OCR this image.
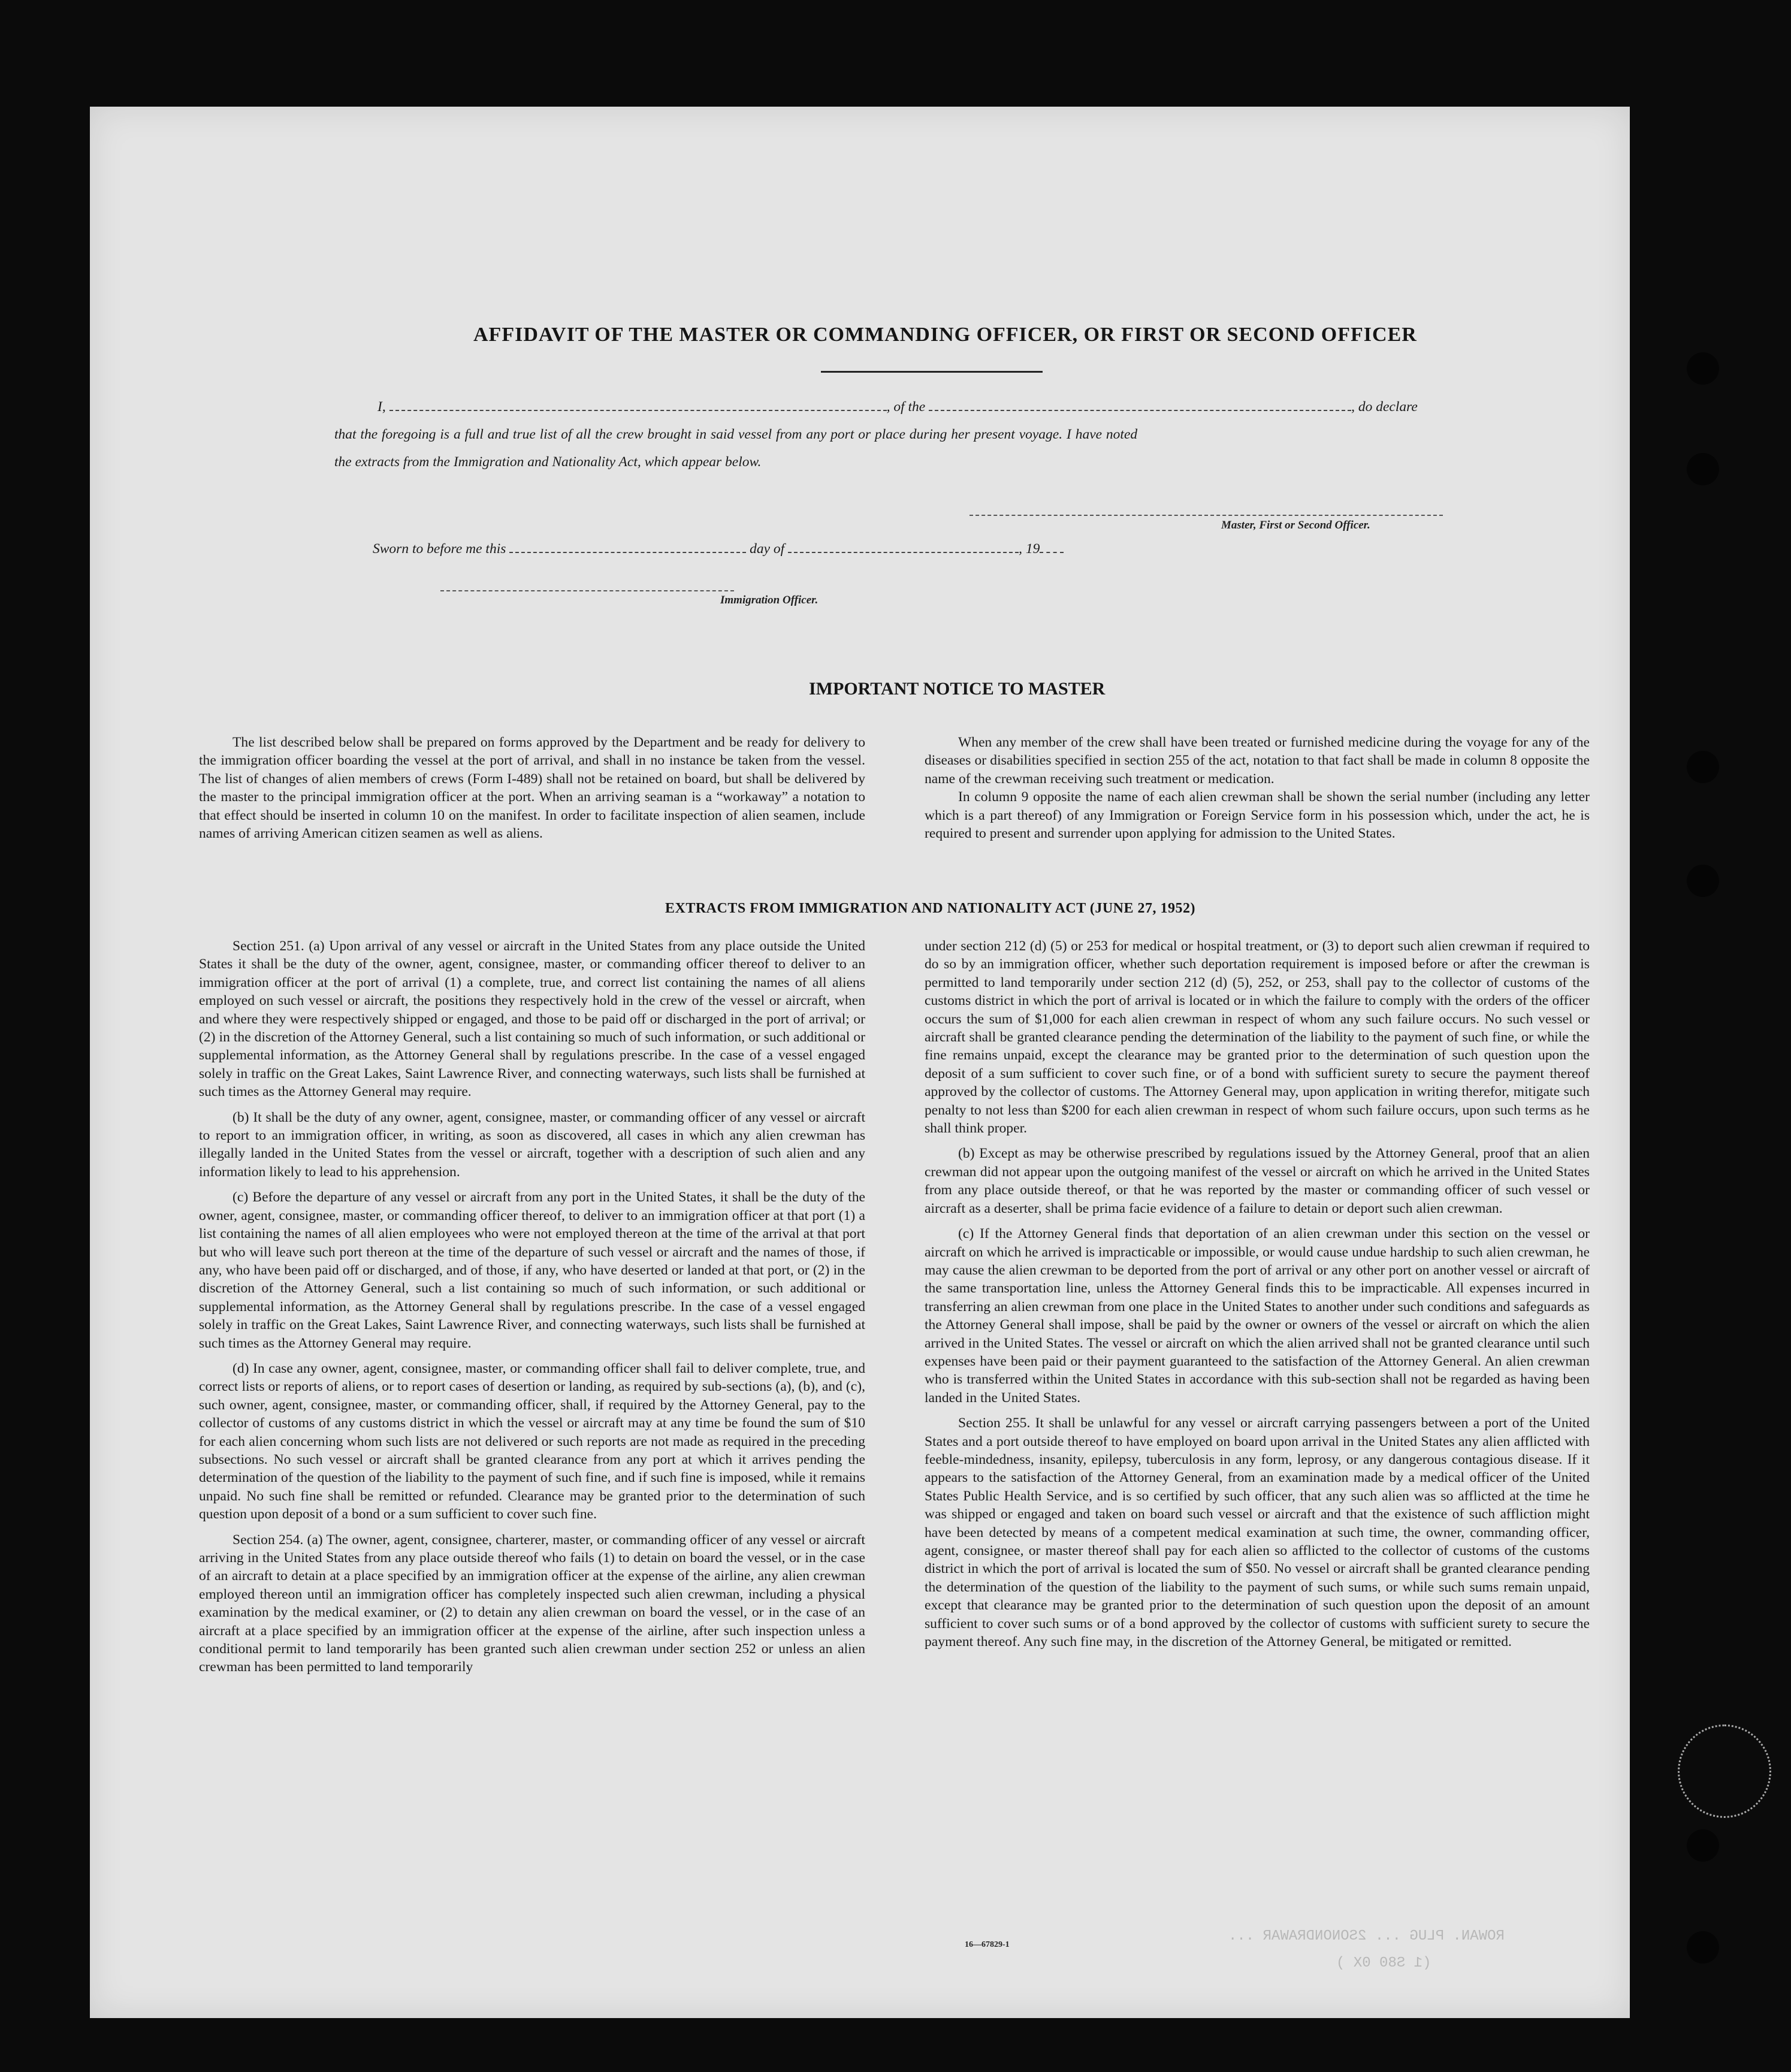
AFFIDAVIT OF THE MASTER OR COMMANDING OFFICER, OR FIRST OR SECOND OFFICER
I,	, of the	, do declare
that the foregoing is a full and true list of all the crew brought in said vessel from any port or place during her present voyage. I have noted
the extracts from the Immigration and Nationality Act, which appear below.
Master, First or Second Officer.
Sworn to before me this	day of	, 19
Immigration Officer.
IMPORTANT NOTICE TO MASTER

The list described below shall be prepared on forms approved by the Department and be ready for delivery to the immigration officer boarding the vessel at the port of arrival, and shall in no instance be taken from the vessel. The list of changes of alien members of crews (Form I-489) shall not be retained on board, but shall be delivered by the master to the principal immigration officer at the port. When an arriving seaman is a “workaway” a notation to that effect should be inserted in column 10 on the manifest. In order to facilitate inspection of alien seamen, include names of arriving American citizen seamen as well as aliens.

When any member of the crew shall have been treated or furnished medicine during the voyage for any of the diseases or disabilities specified in section 255 of the act, notation to that fact shall be made in column 8 opposite the name of the crewman receiving such treatment or medication.

In column 9 opposite the name of each alien crewman shall be shown the serial number (including any letter which is a part thereof) of any Immigration or Foreign Service form in his possession which, under the act, he is required to present and surrender upon applying for admission to the United States.

EXTRACTS FROM IMMIGRATION AND NATIONALITY ACT (JUNE 27, 1952)

Section 251. (a) Upon arrival of any vessel or aircraft in the United States from any place outside the United States it shall be the duty of the owner, agent, consignee, master, or commanding officer thereof to deliver to an immigration officer at the port of arrival (1) a complete, true, and correct list containing the names of all aliens employed on such vessel or aircraft, the positions they respectively hold in the crew of the vessel or aircraft, when and where they were respectively shipped or engaged, and those to be paid off or discharged in the port of arrival; or (2) in the discretion of the Attorney General, such a list containing so much of such information, or such additional or supplemental information, as the Attorney General shall by regulations prescribe. In the case of a vessel engaged solely in traffic on the Great Lakes, Saint Lawrence River, and connecting waterways, such lists shall be furnished at such times as the Attorney General may require.

(b) It shall be the duty of any owner, agent, consignee, master, or commanding officer of any vessel or aircraft to report to an immigration officer, in writing, as soon as discovered, all cases in which any alien crewman has illegally landed in the United States from the vessel or aircraft, together with a description of such alien and any information likely to lead to his apprehension.

(c) Before the departure of any vessel or aircraft from any port in the United States, it shall be the duty of the owner, agent, consignee, master, or commanding officer thereof, to deliver to an immigration officer at that port (1) a list containing the names of all alien employees who were not employed thereon at the time of the arrival at that port but who will leave such port thereon at the time of the departure of such vessel or aircraft and the names of those, if any, who have been paid off or discharged, and of those, if any, who have deserted or landed at that port, or (2) in the discretion of the Attorney General, such a list containing so much of such information, or such additional or supplemental information, as the Attorney General shall by regulations prescribe. In the case of a vessel engaged solely in traffic on the Great Lakes, Saint Lawrence River, and connecting waterways, such lists shall be furnished at such times as the Attorney General may require.

(d) In case any owner, agent, consignee, master, or commanding officer shall fail to deliver complete, true, and correct lists or reports of aliens, or to report cases of desertion or landing, as required by sub-sections (a), (b), and (c), such owner, agent, consignee, master, or commanding officer, shall, if required by the Attorney General, pay to the collector of customs of any customs district in which the vessel or aircraft may at any time be found the sum of $10 for each alien concerning whom such lists are not delivered or such reports are not made as required in the preceding subsections. No such vessel or aircraft shall be granted clearance from any port at which it arrives pending the determination of the question of the liability to the payment of such fine, and if such fine is imposed, while it remains unpaid. No such fine shall be remitted or refunded. Clearance may be granted prior to the determination of such question upon deposit of a bond or a sum sufficient to cover such fine.

Section 254. (a) The owner, agent, consignee, charterer, master, or commanding officer of any vessel or aircraft arriving in the United States from any place outside thereof who fails (1) to detain on board the vessel, or in the case of an aircraft to detain at a place specified by an immigration officer at the expense of the airline, any alien crewman employed thereon until an immigration officer has completely inspected such alien crewman, including a physical examination by the medical examiner, or (2) to detain any alien crewman on board the vessel, or in the case of an aircraft at a place specified by an immigration officer at the expense of the airline, after such inspection unless a conditional permit to land temporarily has been granted such alien crewman under section 252 or unless an alien crewman has been permitted to land temporarily

under section 212 (d) (5) or 253 for medical or hospital treatment, or (3) to deport such alien crewman if required to do so by an immigration officer, whether such deportation requirement is imposed before or after the crewman is permitted to land temporarily under section 212 (d) (5), 252, or 253, shall pay to the collector of customs of the customs district in which the port of arrival is located or in which the failure to comply with the orders of the officer occurs the sum of $1,000 for each alien crewman in respect of whom any such failure occurs. No such vessel or aircraft shall be granted clearance pending the determination of the liability to the payment of such fine, or while the fine remains unpaid, except the clearance may be granted prior to the determination of such question upon the deposit of a sum sufficient to cover such fine, or of a bond with sufficient surety to secure the payment thereof approved by the collector of customs. The Attorney General may, upon application in writing therefor, mitigate such penalty to not less than $200 for each alien crewman in respect of whom such failure occurs, upon such terms as he shall think proper.

(b) Except as may be otherwise prescribed by regulations issued by the Attorney General, proof that an alien crewman did not appear upon the outgoing manifest of the vessel or aircraft on which he arrived in the United States from any place outside thereof, or that he was reported by the master or commanding officer of such vessel or aircraft as a deserter, shall be prima facie evidence of a failure to detain or deport such alien crewman.

(c) If the Attorney General finds that deportation of an alien crewman under this section on the vessel or aircraft on which he arrived is impracticable or impossible, or would cause undue hardship to such alien crewman, he may cause the alien crewman to be deported from the port of arrival or any other port on another vessel or aircraft of the same transportation line, unless the Attorney General finds this to be impracticable. All expenses incurred in transferring an alien crewman from one place in the United States to another under such conditions and safeguards as the Attorney General shall impose, shall be paid by the owner or owners of the vessel or aircraft on which the alien arrived in the United States. The vessel or aircraft on which the alien arrived shall not be granted clearance until such expenses have been paid or their payment guaranteed to the satisfaction of the Attorney General. An alien crewman who is transferred within the United States in accordance with this sub-section shall not be regarded as having been landed in the United States.

Section 255. It shall be unlawful for any vessel or aircraft carrying passengers between a port of the United States and a port outside thereof to have employed on board upon arrival in the United States any alien afflicted with feeble-mindedness, insanity, epilepsy, tuberculosis in any form, leprosy, or any dangerous contagious disease. If it appears to the satisfaction of the Attorney General, from an examination made by a medical officer of the United States Public Health Service, and is so certified by such officer, that any such alien was so afflicted at the time he was shipped or engaged and taken on board such vessel or aircraft and that the existence of such affliction might have been detected by means of a competent medical examination at such time, the owner, commanding officer, agent, consignee, or master thereof shall pay for each alien so afflicted to the collector of customs of the customs district in which the port of arrival is located the sum of $50. No vessel or aircraft shall be granted clearance pending the determination of the question of the liability to the payment of such sums, or while such sums remain unpaid, except that clearance may be granted prior to the determination of such question upon the deposit of an amount sufficient to cover such sums or of a bond approved by the collector of customs with sufficient surety to secure the payment thereof. Any such fine may, in the discretion of the Attorney General, be mitigated or remitted.

16—67829-1
ROWAN. PLUG ... 2SONONDRAWAR ...
(1 S80 0X )
